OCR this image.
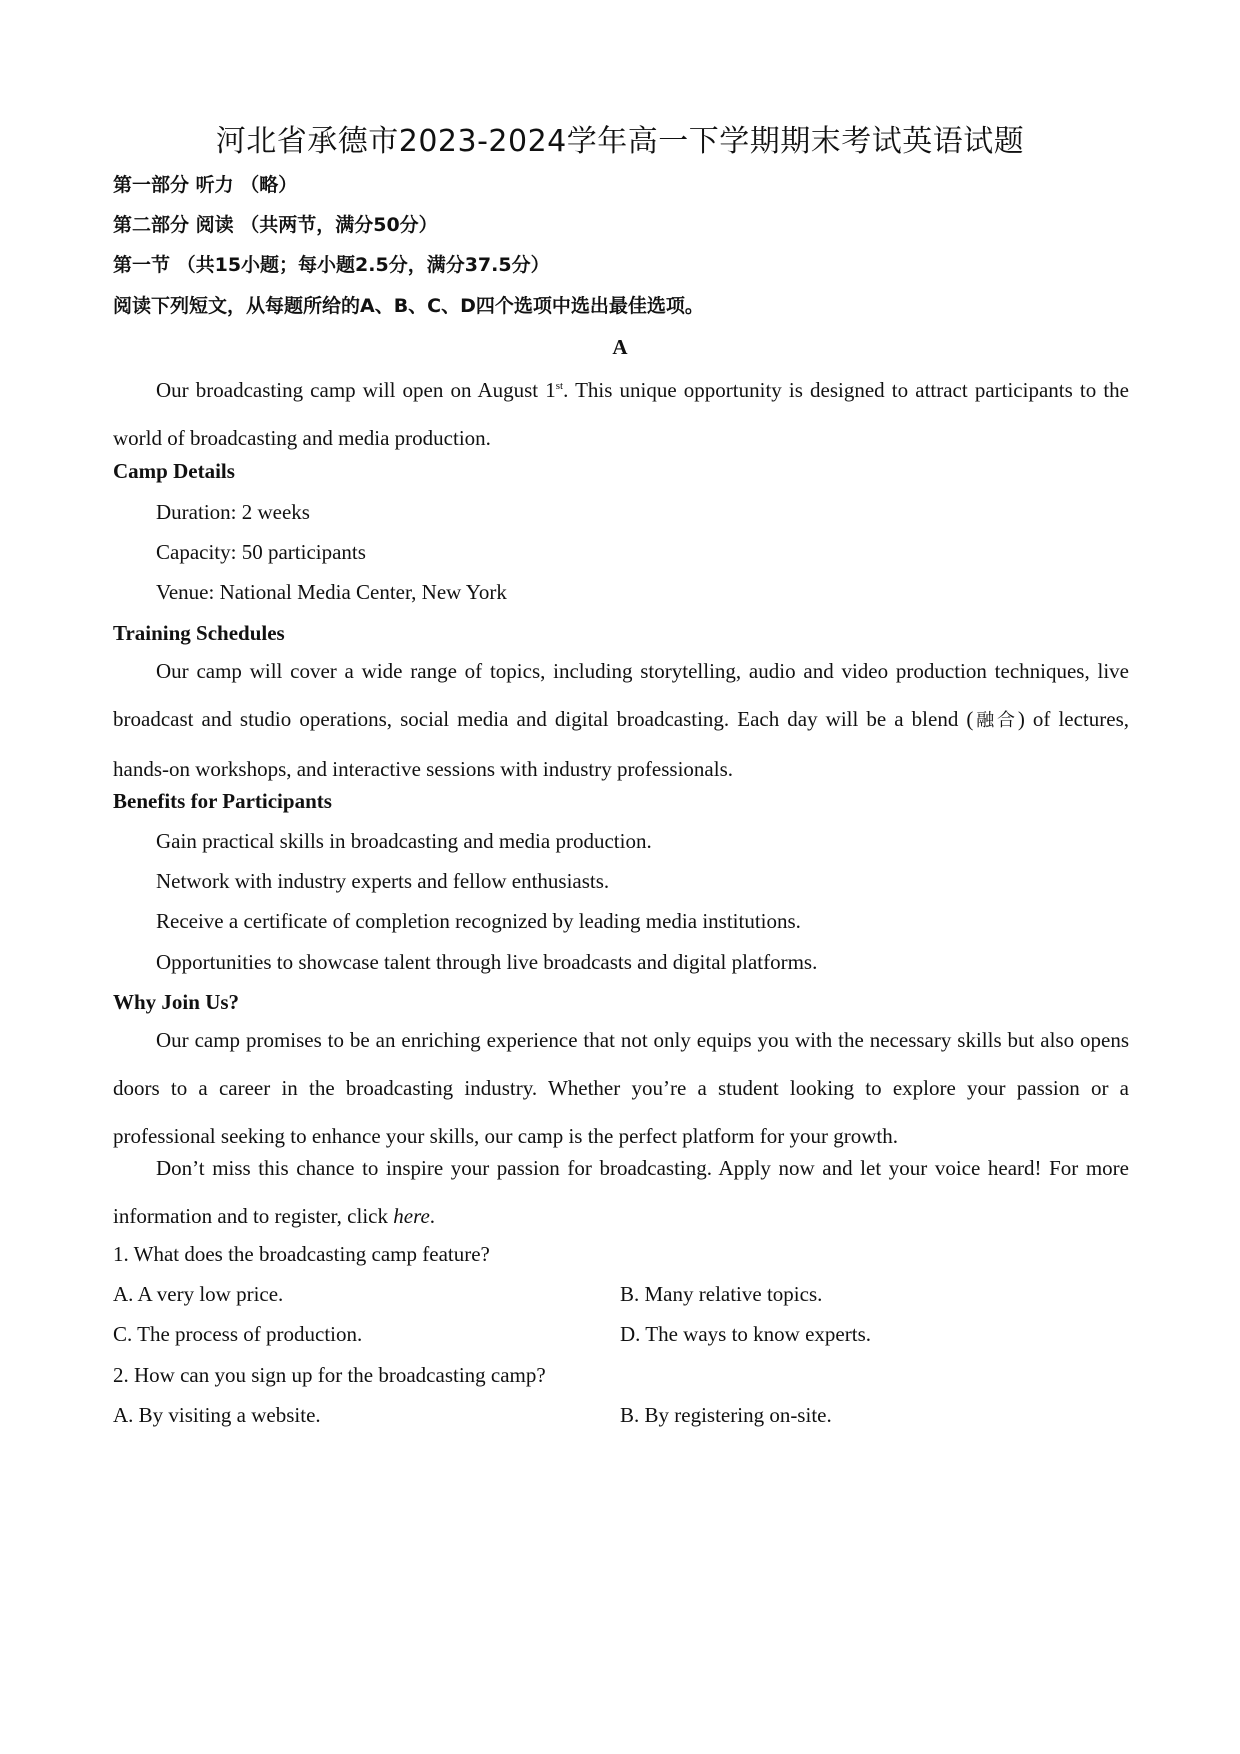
河北省承德市2023-2024学年高一下学期期末考试英语试题
第一部分 听力 （略）
第二部分 阅读 （共两节，满分50分）
第一节 （共15小题；每小题2.5分，满分37.5分）
阅读下列短文，从每题所给的A、B、C、D四个选项中选出最佳选项。
A
Our broadcasting camp will open on August 1st. This unique opportunity is designed to attract participants to the world of broadcasting and media production.
Camp Details
Duration: 2 weeks
Capacity: 50 participants
Venue: National Media Center, New York
Training Schedules
Our camp will cover a wide range of topics, including storytelling, audio and video production techniques, live broadcast and studio operations, social media and digital broadcasting. Each day will be a blend (融合) of lectures, hands-on workshops, and interactive sessions with industry professionals.
Benefits for Participants
Gain practical skills in broadcasting and media production.
Network with industry experts and fellow enthusiasts.
Receive a certificate of completion recognized by leading media institutions.
Opportunities to showcase talent through live broadcasts and digital platforms.
Why Join Us?
Our camp promises to be an enriching experience that not only equips you with the necessary skills but also opens doors to a career in the broadcasting industry. Whether you’re a student looking to explore your passion or a professional seeking to enhance your skills, our camp is the perfect platform for your growth.
Don’t miss this chance to inspire your passion for broadcasting. Apply now and let your voice heard! For more information and to register, click here.
1. What does the broadcasting camp feature?
A. A very low price.	B. Many relative topics.
C. The process of production.	D. The ways to know experts.
2. How can you sign up for the broadcasting camp?
A. By visiting a website.	B. By registering on-site.
